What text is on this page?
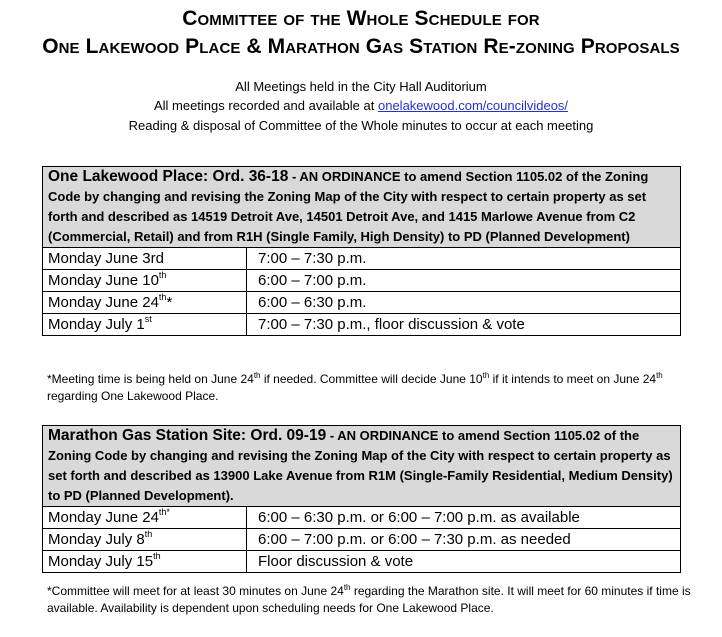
Committee of the Whole Schedule for
One Lakewood Place & Marathon Gas Station Re-zoning Proposals
All Meetings held in the City Hall Auditorium
All meetings recorded and available at onelakewood.com/councilvideos/
Reading & disposal of Committee of the Whole minutes to occur at each meeting
One Lakewood Place: Ord. 36-18 - AN ORDINANCE to amend Section 1105.02 of the Zoning Code by changing and revising the Zoning Map of the City with respect to certain property as set forth and described as 14519 Detroit Ave, 14501 Detroit Ave, and 1415 Marlowe Avenue from C2 (Commercial, Retail) and from R1H (Single Family, High Density) to PD (Planned Development)
Monday June 3rd	7:00 – 7:30 p.m.
Monday June 10th	6:00 – 7:00 p.m.
Monday June 24th*	6:00 – 6:30 p.m.
Monday July 1st	7:00 – 7:30 p.m., floor discussion & vote
*Meeting time is being held on June 24th if needed. Committee will decide June 10th if it intends to meet on June 24th regarding One Lakewood Place.
Marathon Gas Station Site: Ord. 09-19 - AN ORDINANCE to amend Section 1105.02 of the Zoning Code by changing and revising the Zoning Map of the City with respect to certain property as set forth and described as 13900 Lake Avenue from R1M (Single-Family Residential, Medium Density) to PD (Planned Development).
Monday June $24^{th*}$	6:00 – 6:30 p.m. or 6:00 – 7:00 p.m. as available
Monday July 8th	6:00 – 7:00 p.m. or 6:00 – 7:30 p.m. as needed
Monday July 15th	Floor discussion & vote
*Committee will meet for at least 30 minutes on June 24th regarding the Marathon site. It will meet for 60 minutes if time is available. Availability is dependent upon scheduling needs for One Lakewood Place.
